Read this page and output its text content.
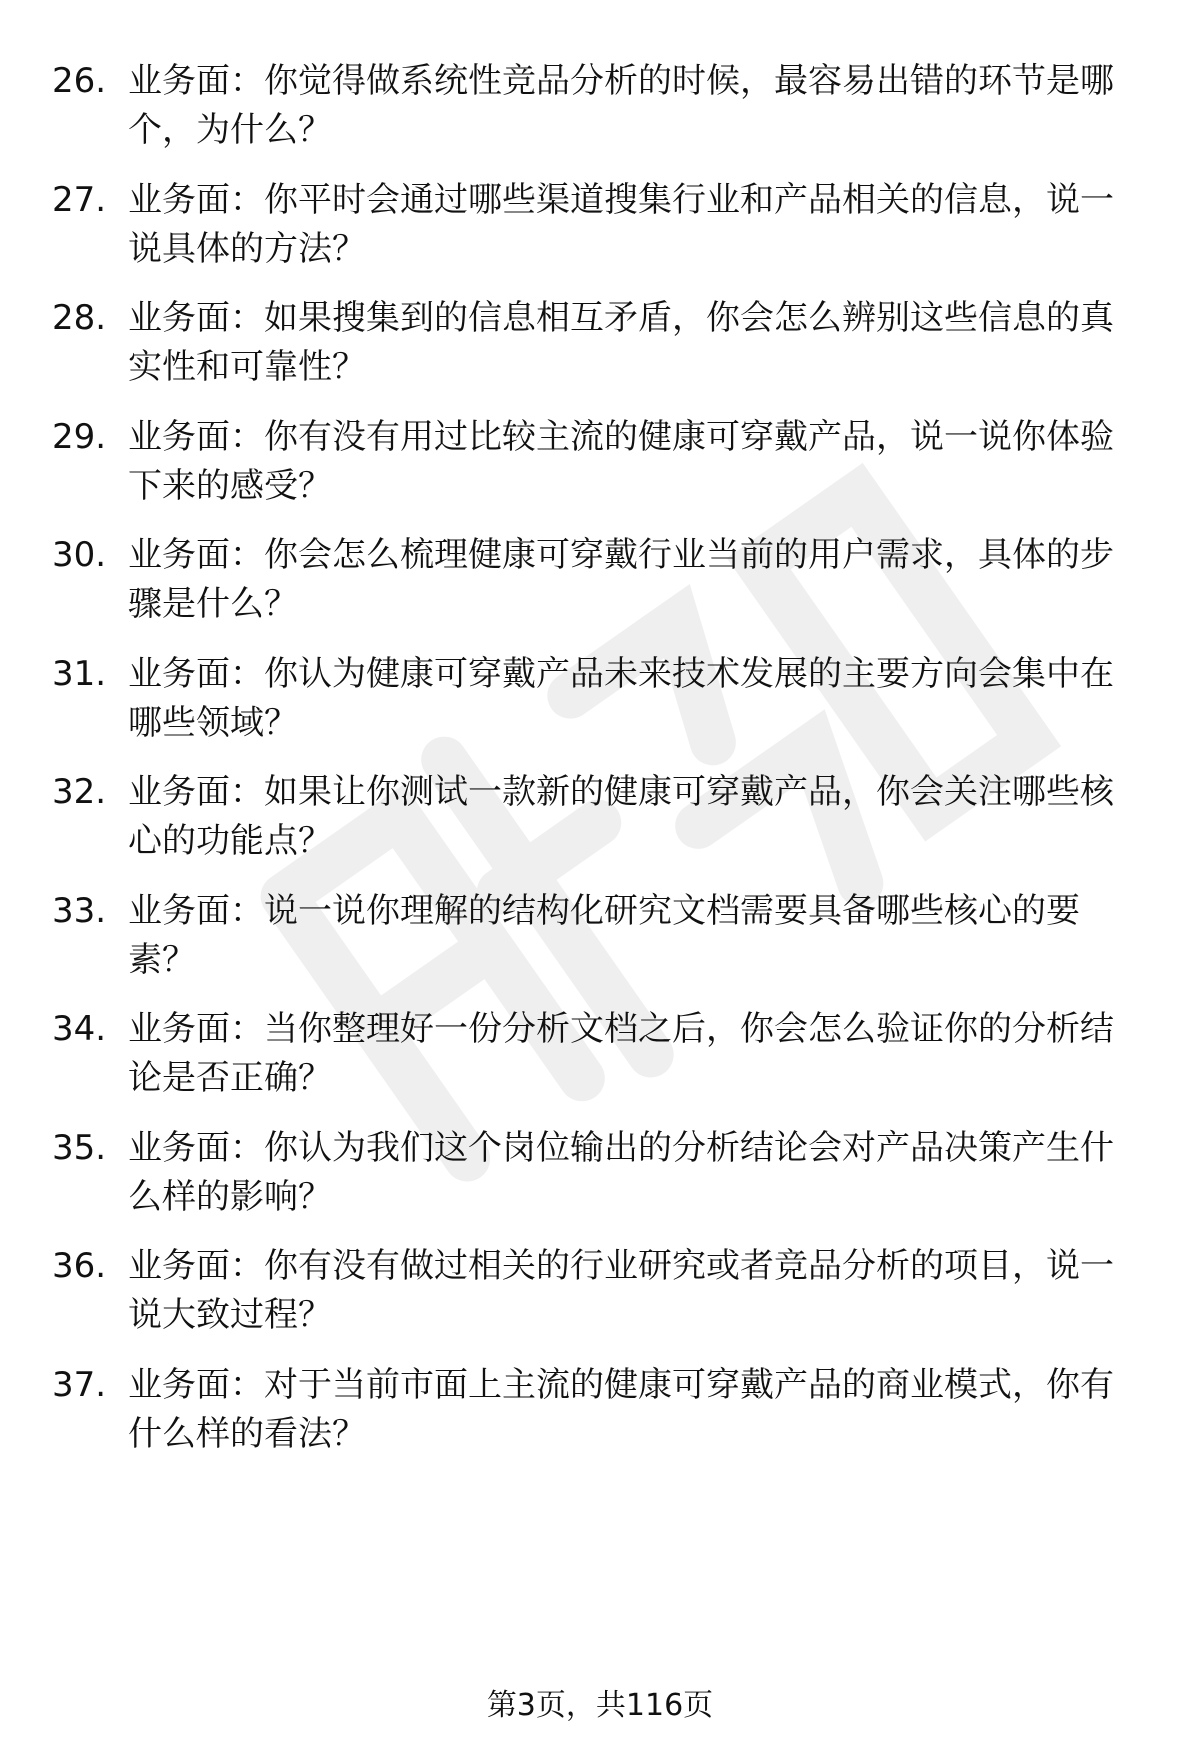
26. 业务面：你觉得做系统性竞品分析的时候，最容易出错的环节是哪个，为什么？
27. 业务面：你平时会通过哪些渠道搜集行业和产品相关的信息，说一说具体的方法？
28. 业务面：如果搜集到的信息相互矛盾，你会怎么辨别这些信息的真实性和可靠性？
29. 业务面：你有没有用过比较主流的健康可穿戴产品，说一说你体验下来的感受？
30. 业务面：你会怎么梳理健康可穿戴行业当前的用户需求，具体的步骤是什么？
31. 业务面：你认为健康可穿戴产品未来技术发展的主要方向会集中在哪些领域？
32. 业务面：如果让你测试一款新的健康可穿戴产品，你会关注哪些核心的功能点？
33. 业务面：说一说你理解的结构化研究文档需要具备哪些核心的要素？
34. 业务面：当你整理好一份分析文档之后，你会怎么验证你的分析结论是否正确？
35. 业务面：你认为我们这个岗位输出的分析结论会对产品决策产生什么样的影响？
36. 业务面：你有没有做过相关的行业研究或者竞品分析的项目，说一说大致过程？
37. 业务面：对于当前市面上主流的健康可穿戴产品的商业模式，你有什么样的看法？
第3页，共116页
